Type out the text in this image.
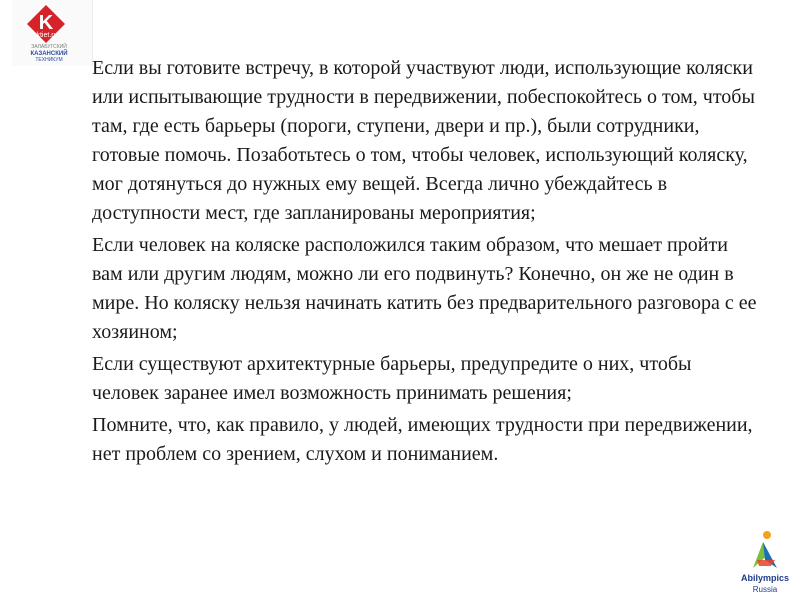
K
ktiet.ru
ЗАЛАБУГСКИЙ
КАЗАНСКИЙ
ТЕХНИКУМ	Если вы готовите встречу, в которой участвуют люди, использующие коляски или испытывающие трудности в передвижении, побеспокойтесь о том, чтобы там, где есть барьеры (пороги, ступени, двери и пр.), были сотрудники, готовые помочь. Позаботьтесь о том, чтобы человек, использующий коляску, мог дотянуться до нужных ему вещей. Всегда лично убеждайтесь в доступности мест, где запланированы мероприятия;
Если человек на коляске расположился таким образом, что мешает пройти вам или другим людям, можно ли его подвинуть? Конечно, он же не один в мире. Но коляску нельзя начинать катить без предварительного разговора с ее хозяином;
Если существуют архитектурные барьеры, предупредите о них, чтобы человек заранее имел возможность принимать решения;
Помните, что, как правило, у людей, имеющих трудности при передвижении, нет проблем со зрением, слухом и пониманием.
Abilympics
Russia
